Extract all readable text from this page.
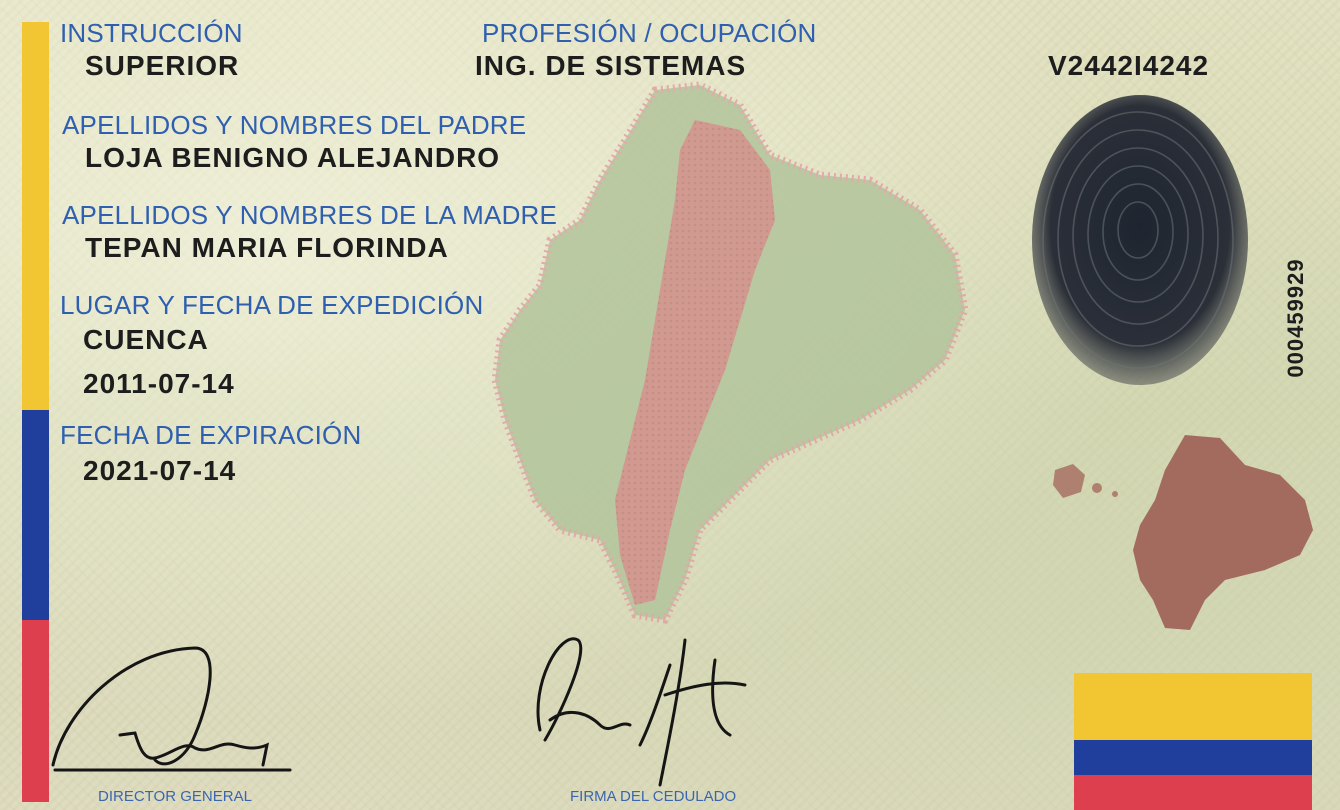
INSTRUCCIÓN
SUPERIOR
PROFESIÓN / OCUPACIÓN
ING. DE SISTEMAS	V2442I4242
APELLIDOS Y NOMBRES DEL PADRE
LOJA BENIGNO ALEJANDRO
APELLIDOS Y NOMBRES DE LA MADRE
TEPAN MARIA FLORINDA
LUGAR Y FECHA DE EXPEDICIÓN
CUENCA
2011-07-14
FECHA DE EXPIRACIÓN
2021-07-14
000459929
DIRECTOR GENERAL	FIRMA DEL CEDULADO
